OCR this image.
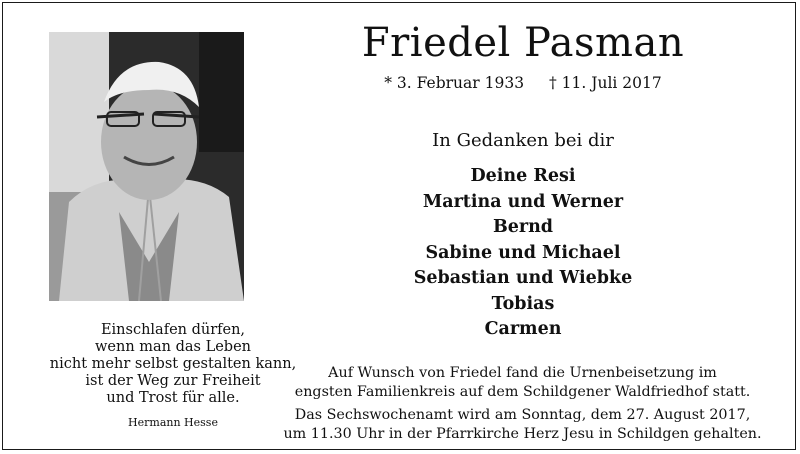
Einschlafen dürfen,
wenn man das Leben
nicht mehr selbst gestalten kann,
ist der Weg zur Freiheit
und Trost für alle.
Hermann Hesse
Friedel Pasman
* 3. Februar 1933 † 11. Juli 2017
In Gedanken bei dir
Deine Resi
Martina und Werner
Bernd
Sabine und Michael
Sebastian und Wiebke
Tobias
Carmen
Auf Wunsch von Friedel fand die Urnenbeisetzung im
engsten Familienkreis auf dem Schildgener Waldfriedhof statt.
Das Sechswochenamt wird am Sonntag, dem 27. August 2017,
um 11.30 Uhr in der Pfarrkirche Herz Jesu in Schildgen gehalten.
